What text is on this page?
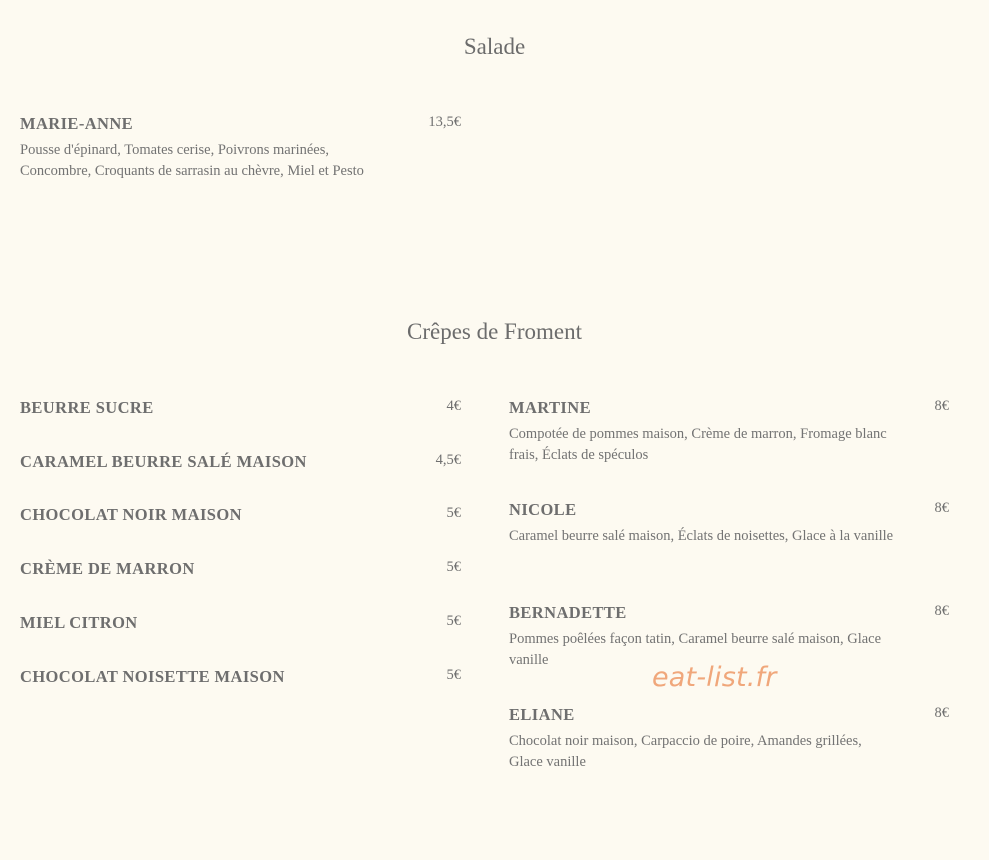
Salade
MARIE-ANNE	13,5€
Pousse d'épinard, Tomates cerise, Poivrons marinées, Concombre, Croquants de sarrasin au chèvre, Miel et Pesto
Crêpes de Froment
BEURRE SUCRE	4€
CARAMEL BEURRE SALÉ MAISON	4,5€
CHOCOLAT NOIR MAISON	5€
CRÈME DE MARRON	5€
MIEL CITRON	5€
CHOCOLAT NOISETTE MAISON	5€
MARTINE	8€
Compotée de pommes maison, Crème de marron, Fromage blanc frais, Éclats de spéculos
NICOLE	8€
Caramel beurre salé maison, Éclats de noisettes, Glace à la vanille
BERNADETTE	8€
Pommes poêlées façon tatin, Caramel beurre salé maison, Glace vanille
ELIANE	8€
Chocolat noir maison, Carpaccio de poire, Amandes grillées, Glace vanille
eat-list.fr
